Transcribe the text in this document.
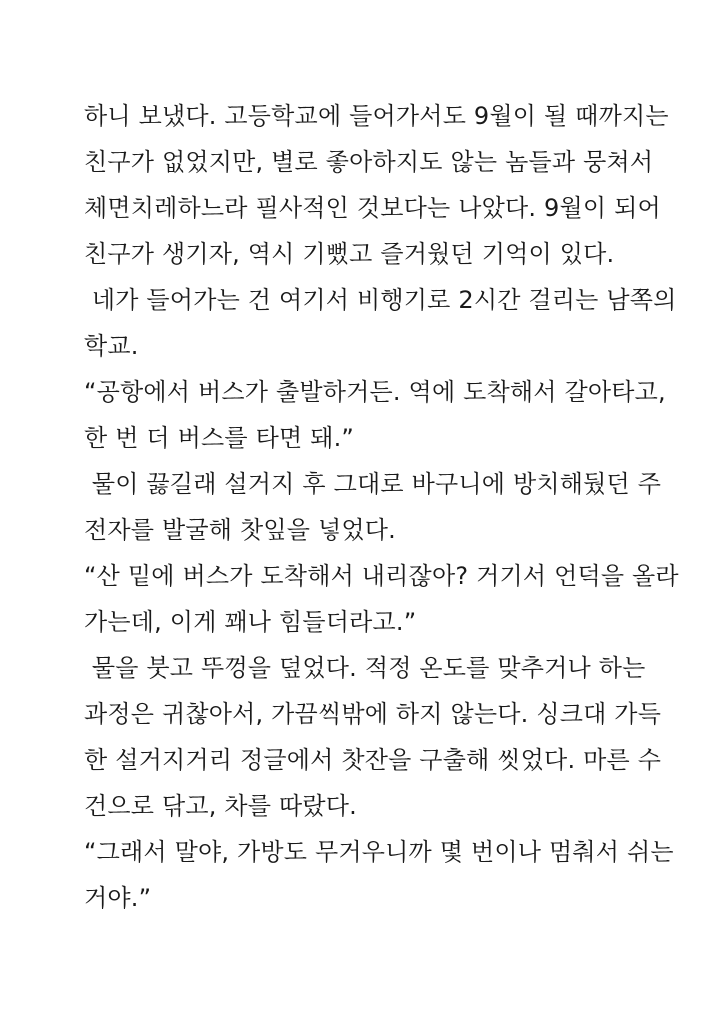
하니 보냈다. 고등학교에 들어가서도 9월이 될 때까지는
친구가 없었지만, 별로 좋아하지도 않는 놈들과 뭉쳐서
체면치레하느라 필사적인 것보다는 나았다. 9월이 되어
친구가 생기자, 역시 기뻤고 즐거웠던 기억이 있다.
네가 들어가는 건 여기서 비행기로 2시간 걸리는 남쪽의
학교.
“공항에서 버스가 출발하거든. 역에 도착해서 갈아타고,
한 번 더 버스를 타면 돼.”
물이 끓길래 설거지 후 그대로 바구니에 방치해뒀던 주
전자를 발굴해 찻잎을 넣었다.
“산 밑에 버스가 도착해서 내리잖아? 거기서 언덕을 올라
가는데, 이게 꽤나 힘들더라고.”
물을 붓고 뚜껑을 덮었다. 적정 온도를 맞추거나 하는
과정은 귀찮아서, 가끔씩밖에 하지 않는다. 싱크대 가득
한 설거지거리 정글에서 찻잔을 구출해 씻었다. 마른 수
건으로 닦고, 차를 따랐다.
“그래서 말야, 가방도 무거우니까 몇 번이나 멈춰서 쉬는
거야.”
